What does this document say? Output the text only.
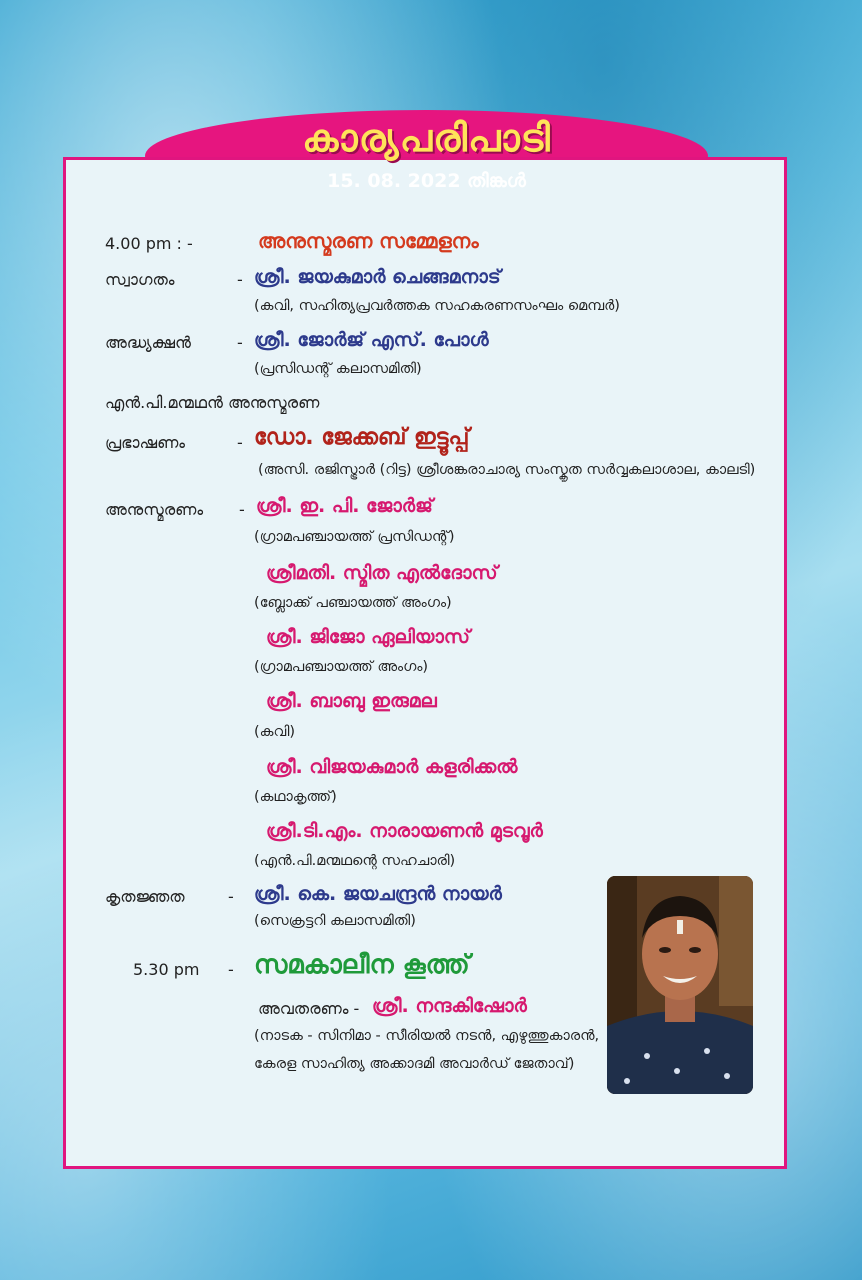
കാര്യപരിപാടി
15. 08. 2022 തിങ്കൾ
4.00 pm : -	അനുസ്മരണ സമ്മേളനം
സ്വാഗതം	- ശ്രീ. ജയകുമാർ ചെങ്ങമനാട്
(കവി, സഹിത്യപ്രവർത്തക സഹകരണസംഘം മെമ്പർ)
അദ്ധ്യക്ഷൻ	- ശ്രീ. ജോർജ് എസ്. പോൾ
(പ്രസിഡന്റ് കലാസമിതി)
എൻ.പി.മന്മഥൻ അനുസ്മരണ
പ്രഭാഷണം	- ഡോ. ജേക്കബ് ഇട്ടൂപ്പ്
(അസി. രജിസ്ട്രാർ (റിട്ട) ശ്രീശങ്കരാചാര്യ സംസ്കൃത സർവ്വകലാശാല, കാലടി)
അനുസ്മരണം - ശ്രീ. ഇ. പി. ജോർജ്
(ഗ്രാമപഞ്ചായത്ത് പ്രസിഡന്റ്)
ശ്രീമതി. സ്മിത എൽദോസ്
(ബ്ലോക്ക് പഞ്ചായത്ത് അംഗം)
ശ്രീ. ജിജോ ഏലിയാസ്
(ഗ്രാമപഞ്ചായത്ത് അംഗം)
ശ്രീ. ബാബു ഇരുമല
(കവി)
ശ്രീ. വിജയകുമാർ കളരിക്കൽ
(കഥാകൃത്ത്)
ശ്രീ.ടി.എം. നാരായണൻ മുടവൂർ
(എൻ.പി.മന്മഥന്റെ സഹചാരി)
കൃതജ്ഞത	- ശ്രീ. കെ. ജയചന്ദ്രൻ നായർ
(സെക്രട്ടറി കലാസമിതി)
5.30 pm - സമകാലീന കൂത്ത്
അവതരണം - ശ്രീ. നന്ദകിഷോർ
(നാടക - സിനിമാ - സീരിയൽ നടൻ, എഴുത്തുകാരൻ,
കേരള സാഹിത്യ അക്കാദമി അവാർഡ് ജേതാവ്)
